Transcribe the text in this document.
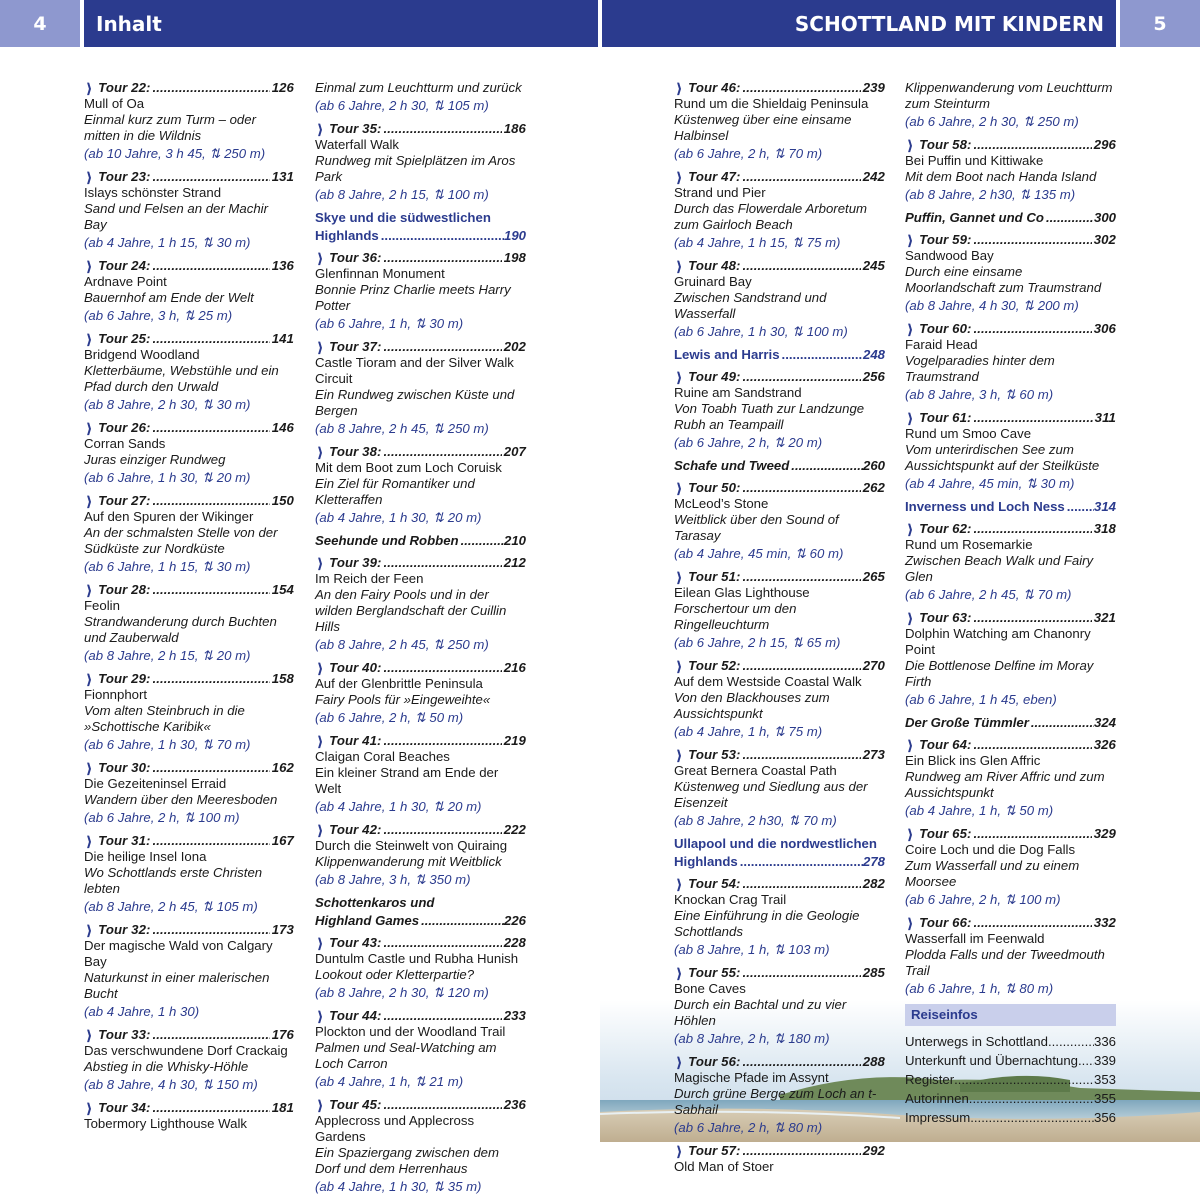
4	Inhalt	SCHOTTLAND MIT KINDERN	5
❱ Tour 22: .....	126
Mull of Oa
Einmal kurz zum Turm – oder mitten in die Wildnis
(ab 10 Jahre, 3 h 45, ⇅ 250 m)
❱ Tour 23: .....	131
Islays schönster Strand
Sand und Felsen an der Machir Bay
(ab 4 Jahre, 1 h 15, ⇅ 30 m)
❱ Tour 24: .....	136
Ardnave Point
Bauernhof am Ende der Welt
(ab 6 Jahre, 3 h, ⇅ 25 m)
❱ Tour 25: .....	141
Bridgend Woodland
Kletterbäume, Webstühle und ein Pfad durch den Urwald
(ab 8 Jahre, 2 h 30, ⇅ 30 m)
❱ Tour 26: .....	146
Corran Sands
Juras einziger Rundweg
(ab 6 Jahre, 1 h 30, ⇅ 20 m)
❱ Tour 27: .....	150
Auf den Spuren der Wikinger
An der schmalsten Stelle von der Südküste zur Nordküste
(ab 6 Jahre, 1 h 15, ⇅ 30 m)
❱ Tour 28: .....	154
Feolin
Strandwanderung durch Buchten und Zauberwald
(ab 8 Jahre, 2 h 15, ⇅ 20 m)
❱ Tour 29: .....	158
Fionnphort
Vom alten Steinbruch in die »Schottische Karibik«
(ab 6 Jahre, 1 h 30, ⇅ 70 m)
❱ Tour 30: .....	162
Die Gezeiteninsel Erraid
Wandern über den Meeresboden
(ab 6 Jahre, 2 h, ⇅ 100 m)
❱ Tour 31: .....	167
Die heilige Insel Iona
Wo Schottlands erste Christen lebten
(ab 8 Jahre, 2 h 45, ⇅ 105 m)
❱ Tour 32: .....	173
Der magische Wald von Calgary Bay
Naturkunst in einer malerischen Bucht
(ab 4 Jahre, 1 h 30)
❱ Tour 33: .....	176
Das verschwundene Dorf Crackaig
Abstieg in die Whisky-Höhle
(ab 8 Jahre, 4 h 30, ⇅ 150 m)
❱ Tour 34: .....	181
Tobermory Lighthouse Walk
Einmal zum Leuchtturm und zurück
(ab 6 Jahre, 2 h 30, ⇅ 105 m)
❱ Tour 35: .....	186
Waterfall Walk
Rundweg mit Spielplätzen im Aros Park
(ab 8 Jahre, 2 h 15, ⇅ 100 m)
Skye und die südwestlichen
Highlands .....	190
❱ Tour 36: .....	198
Glenfinnan Monument
Bonnie Prinz Charlie meets Harry Potter
(ab 6 Jahre, 1 h, ⇅ 30 m)
❱ Tour 37: .....	202
Castle Tioram and der Silver Walk Circuit
Ein Rundweg zwischen Küste und Bergen
(ab 8 Jahre, 2 h 45, ⇅ 250 m)
❱ Tour 38: .....	207
Mit dem Boot zum Loch Coruisk
Ein Ziel für Romantiker und Kletteraffen
(ab 4 Jahre, 1 h 30, ⇅ 20 m)
Seehunde und Robben .....	210
❱ Tour 39: .....	212
Im Reich der Feen
An den Fairy Pools und in der wilden Berglandschaft der Cuillin Hills
(ab 8 Jahre, 2 h 45, ⇅ 250 m)
❱ Tour 40: .....	216
Auf der Glenbrittle Peninsula
Fairy Pools für »Eingeweihte«
(ab 6 Jahre, 2 h, ⇅ 50 m)
❱ Tour 41: .....	219
Claigan Coral Beaches
Ein kleiner Strand am Ende der Welt
(ab 4 Jahre, 1 h 30, ⇅ 20 m)
❱ Tour 42: .....	222
Durch die Steinwelt von Quiraing
Klippenwanderung mit Weitblick
(ab 8 Jahre, 3 h, ⇅ 350 m)
Schottenkaros und
Highland Games .....	226
❱ Tour 43: .....	228
Duntulm Castle und Rubha Hunish
Lookout oder Kletterpartie?
(ab 8 Jahre, 2 h 30, ⇅ 120 m)
❱ Tour 44: .....	233
Plockton und der Woodland Trail
Palmen und Seal-Watching am Loch Carron
(ab 4 Jahre, 1 h, ⇅ 21 m)
❱ Tour 45: .....	236
Applecross und Applecross Gardens
Ein Spaziergang zwischen dem Dorf und dem Herrenhaus
(ab 4 Jahre, 1 h 30, ⇅ 35 m)
❱ Tour 46: .....	239
Rund um die Shieldaig Peninsula
Küstenweg über eine einsame Halbinsel
(ab 6 Jahre, 2 h, ⇅ 70 m)
❱ Tour 47: .....	242
Strand und Pier
Durch das Flowerdale Arboretum zum Gairloch Beach
(ab 4 Jahre, 1 h 15, ⇅ 75 m)
❱ Tour 48: .....	245
Gruinard Bay
Zwischen Sandstrand und Wasserfall
(ab 6 Jahre, 1 h 30, ⇅ 100 m)
Lewis and Harris .....	248
❱ Tour 49: .....	256
Ruine am Sandstrand
Von Toabh Tuath zur Landzunge Rubh an Teampaill
(ab 6 Jahre, 2 h, ⇅ 20 m)
Schafe und Tweed .....	260
❱ Tour 50: .....	262
McLeod’s Stone
Weitblick über den Sound of Tarasay
(ab 4 Jahre, 45 min, ⇅ 60 m)
❱ Tour 51: .....	265
Eilean Glas Lighthouse
Forschertour um den Ringelleuchturm
(ab 6 Jahre, 2 h 15, ⇅ 65 m)
❱ Tour 52: .....	270
Auf dem Westside Coastal Walk
Von den Blackhouses zum Aussichtspunkt
(ab 4 Jahre, 1 h, ⇅ 75 m)
❱ Tour 53: .....	273
Great Bernera Coastal Path
Küstenweg und Siedlung aus der Eisenzeit
(ab 8 Jahre, 2 h30, ⇅ 70 m)
Ullapool und die nordwestlichen
Highlands .....	278
❱ Tour 54: .....	282
Knockan Crag Trail
Eine Einführung in die Geologie Schottlands
(ab 8 Jahre, 1 h, ⇅ 103 m)
❱ Tour 55: .....	285
Bone Caves
Durch ein Bachtal und zu vier Höhlen
(ab 8 Jahre, 2 h, ⇅ 180 m)
❱ Tour 56: .....	288
Magische Pfade im Assynt
Durch grüne Berge zum Loch an t-Sabhail
(ab 6 Jahre, 2 h, ⇅ 80 m)
❱ Tour 57: .....	292
Old Man of Stoer
Klippenwanderung vom Leuchtturm zum Steinturm
(ab 6 Jahre, 2 h 30, ⇅ 250 m)
❱ Tour 58: .....	296
Bei Puffin und Kittiwake
Mit dem Boot nach Handa Island
(ab 8 Jahre, 2 h30, ⇅ 135 m)
Puffin, Gannet und Co .....	300
❱ Tour 59: .....	302
Sandwood Bay
Durch eine einsame Moorlandschaft zum Traumstrand
(ab 8 Jahre, 4 h 30, ⇅ 200 m)
❱ Tour 60: .....	306
Faraid Head
Vogelparadies hinter dem Traumstrand
(ab 8 Jahre, 3 h, ⇅ 60 m)
❱ Tour 61: .....	311
Rund um Smoo Cave
Vom unterirdischen See zum Aussichtspunkt auf der Steilküste
(ab 4 Jahre, 45 min, ⇅ 30 m)
Inverness und Loch Ness ..... 314
❱ Tour 62: .....	318
Rund um Rosemarkie
Zwischen Beach Walk und Fairy Glen
(ab 6 Jahre, 2 h 45, ⇅ 70 m)
❱ Tour 63: .....	321
Dolphin Watching am Chanonry Point
Die Bottlenose Delfine im Moray Firth
(ab 6 Jahre, 1 h 45, eben)
Der Große Tümmler .....	324
❱ Tour 64: .....	326
Ein Blick ins Glen Affric
Rundweg am River Affric und zum Aussichtspunkt
(ab 4 Jahre, 1 h, ⇅ 50 m)
❱ Tour 65: .....	329
Coire Loch und die Dog Falls
Zum Wasserfall und zu einem Moorsee
(ab 6 Jahre, 2 h, ⇅ 100 m)
❱ Tour 66: .....	332
Wasserfall im Feenwald
Plodda Falls und der Tweedmouth Trail
(ab 6 Jahre, 1 h, ⇅ 80 m)
Reiseinfos
Unterwegs in Schottland .....	336
Unterkunft und Übernachtung ..... 339
Register .....	353
Autorinnen .....	355
Impressum .....	356
